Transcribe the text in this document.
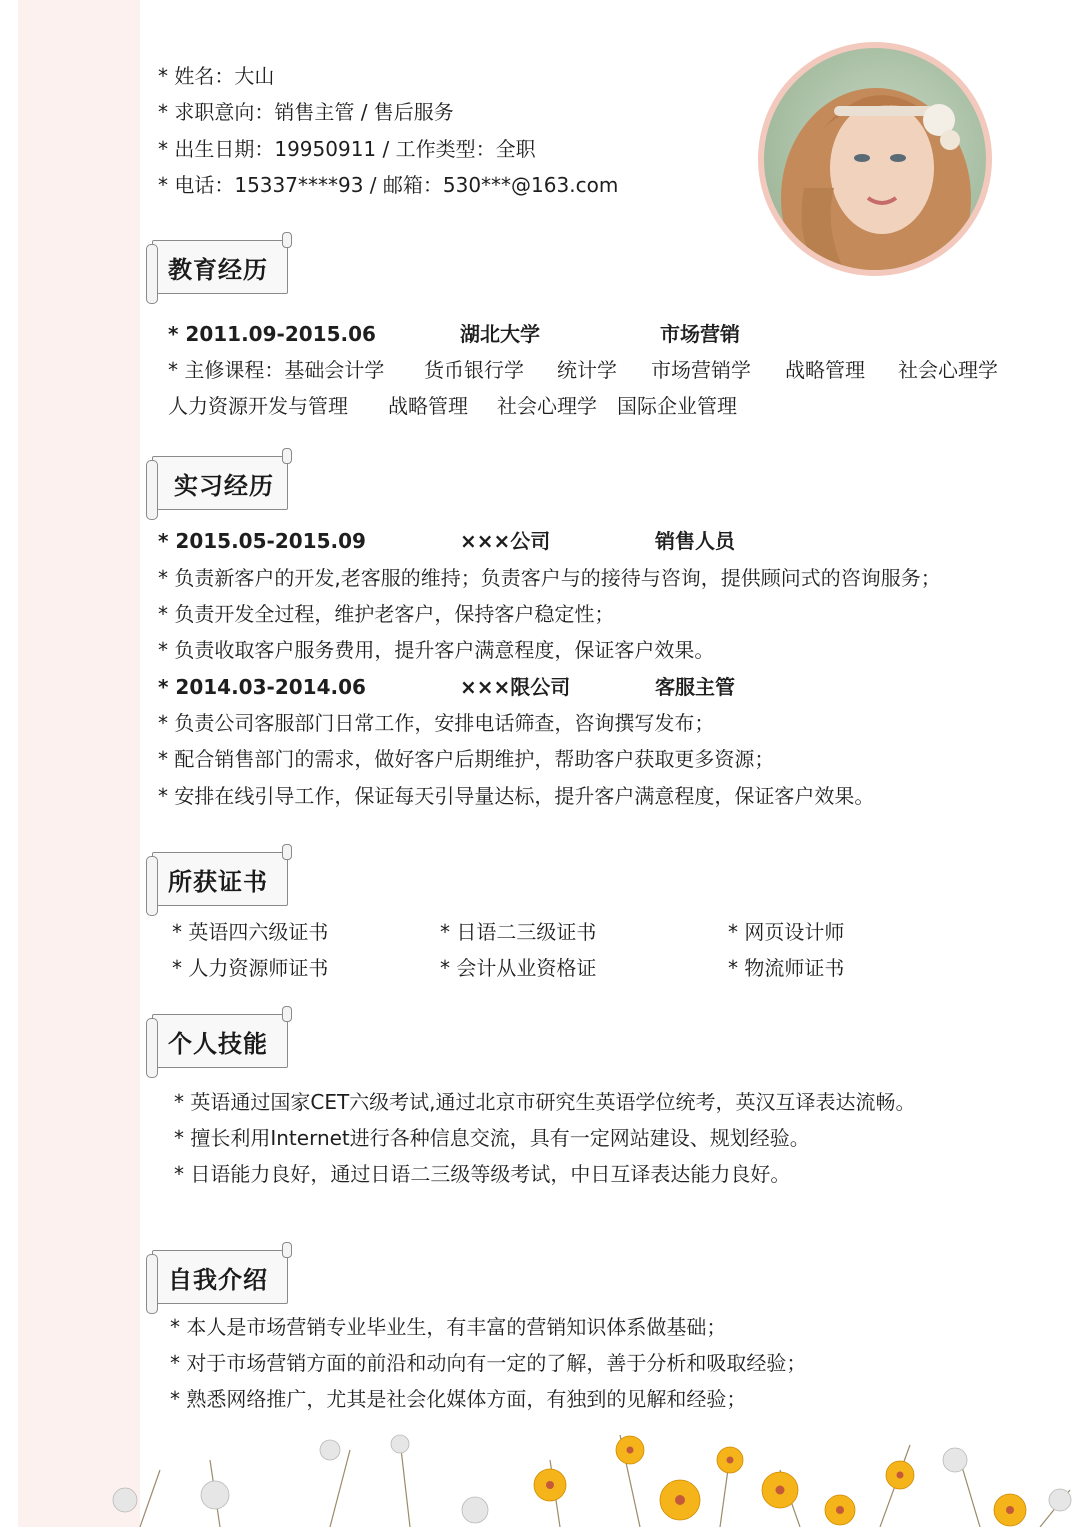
* 姓名：大山
* 求职意向：销售主管 / 售后服务
* 出生日期：19950911 / 工作类型：全职
* 电话：15337****93 / 邮箱：530***@163.com
教育经历
* 2011.09-2015.06	湖北大学	市场营销
* 主修课程：基础会计学 货币银行学 统计学 市场营销学 战略管理 社会心理学
人力资源开发与管理 战略管理 社会心理学 国际企业管理
实习经历
* 2015.05-2015.09	×××公司	销售人员
* 负责新客户的开发,老客服的维持；负责客户与的接待与咨询，提供顾问式的咨询服务；
* 负责开发全过程，维护老客户，保持客户稳定性；
* 负责收取客户服务费用，提升客户满意程度，保证客户效果。
* 2014.03-2014.06	×××限公司	客服主管
* 负责公司客服部门日常工作，安排电话筛查，咨询撰写发布；
* 配合销售部门的需求，做好客户后期维护，帮助客户获取更多资源；
* 安排在线引导工作，保证每天引导量达标，提升客户满意程度，保证客户效果。
所获证书
* 英语四六级证书	* 日语二三级证书	* 网页设计师
* 人力资源师证书	* 会计从业资格证	* 物流师证书
个人技能
* 英语通过国家CET六级考试,通过北京市研究生英语学位统考，英汉互译表达流畅。
* 擅长利用Internet进行各种信息交流，具有一定网站建设、规划经验。
* 日语能力良好，通过日语二三级等级考试，中日互译表达能力良好。
自我介绍
* 本人是市场营销专业毕业生，有丰富的营销知识体系做基础；
* 对于市场营销方面的前沿和动向有一定的了解，善于分析和吸取经验；
* 熟悉网络推广，尤其是社会化媒体方面，有独到的见解和经验；
